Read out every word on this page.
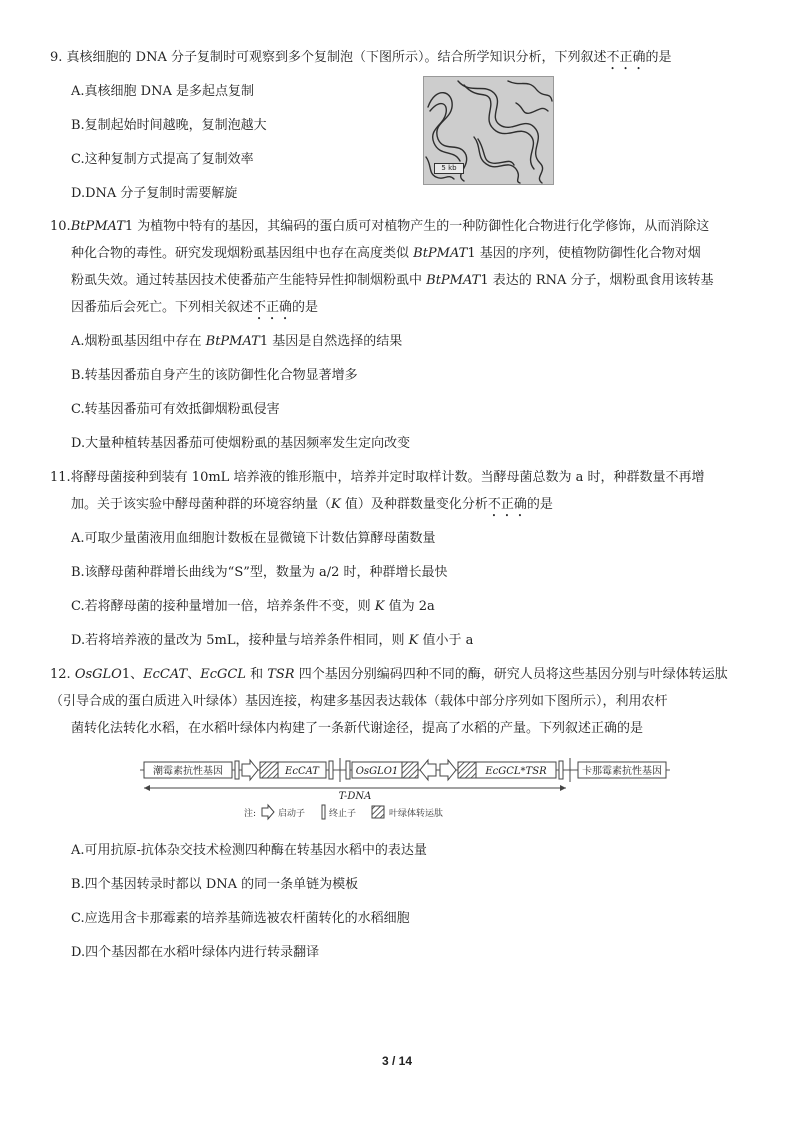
9. 真核细胞的 DNA 分子复制时可观察到多个复制泡（下图所示）。结合所学知识分析，下列叙述不正确的是
A.真核细胞 DNA 是多起点复制
B.复制起始时间越晚，复制泡越大
C.这种复制方式提高了复制效率
D.DNA 分子复制时需要解旋
5 kb
10.BtPMAT1 为植物中特有的基因，其编码的蛋白质可对植物产生的一种防御性化合物进行化学修饰，从而消除这
种化合物的毒性。研究发现烟粉虱基因组中也存在高度类似 BtPMAT1 基因的序列，使植物防御性化合物对烟
粉虱失效。通过转基因技术使番茄产生能特异性抑制烟粉虱中 BtPMAT1 表达的 RNA 分子，烟粉虱食用该转基
因番茄后会死亡。下列相关叙述不正确的是
A.烟粉虱基因组中存在 BtPMAT1 基因是自然选择的结果
B.转基因番茄自身产生的该防御性化合物显著增多
C.转基因番茄可有效抵御烟粉虱侵害
D.大量种植转基因番茄可使烟粉虱的基因频率发生定向改变
11.将酵母菌接种到装有 10mL 培养液的锥形瓶中，培养并定时取样计数。当酵母菌总数为 a 时，种群数量不再增
加。关于该实验中酵母菌种群的环境容纳量（K 值）及种群数量变化分析不正确的是
A.可取少量菌液用血细胞计数板在显微镜下计数估算酵母菌数量
B.该酵母菌种群增长曲线为“S”型，数量为 a/2 时，种群增长最快
C.若将酵母菌的接种量增加一倍，培养条件不变，则 K 值为 2a
D.若将培养液的量改为 5mL，接种量与培养条件相同，则 K 值小于 a
12. OsGLO1、EcCAT、EcGCL 和 TSR 四个基因分别编码四种不同的酶，研究人员将这些基因分别与叶绿体转运肽
（引导合成的蛋白质进入叶绿体）基因连接，构建多基因表达载体（载体中部分序列如下图所示），利用农杆
菌转化法转化水稻，在水稻叶绿体内构建了一条新代谢途径，提高了水稻的产量。下列叙述正确的是
潮霉素抗性基因	EcCAT	OsGLO1	EcGCL*TSR	卡那霉素抗性基因
T-DNA
注: 启动子	终止子	叶绿体转运肽
A.可用抗原-抗体杂交技术检测四种酶在转基因水稻中的表达量
B.四个基因转录时都以 DNA 的同一条单链为模板
C.应选用含卡那霉素的培养基筛选被农杆菌转化的水稻细胞
D.四个基因都在水稻叶绿体内进行转录翻译
3 / 14
